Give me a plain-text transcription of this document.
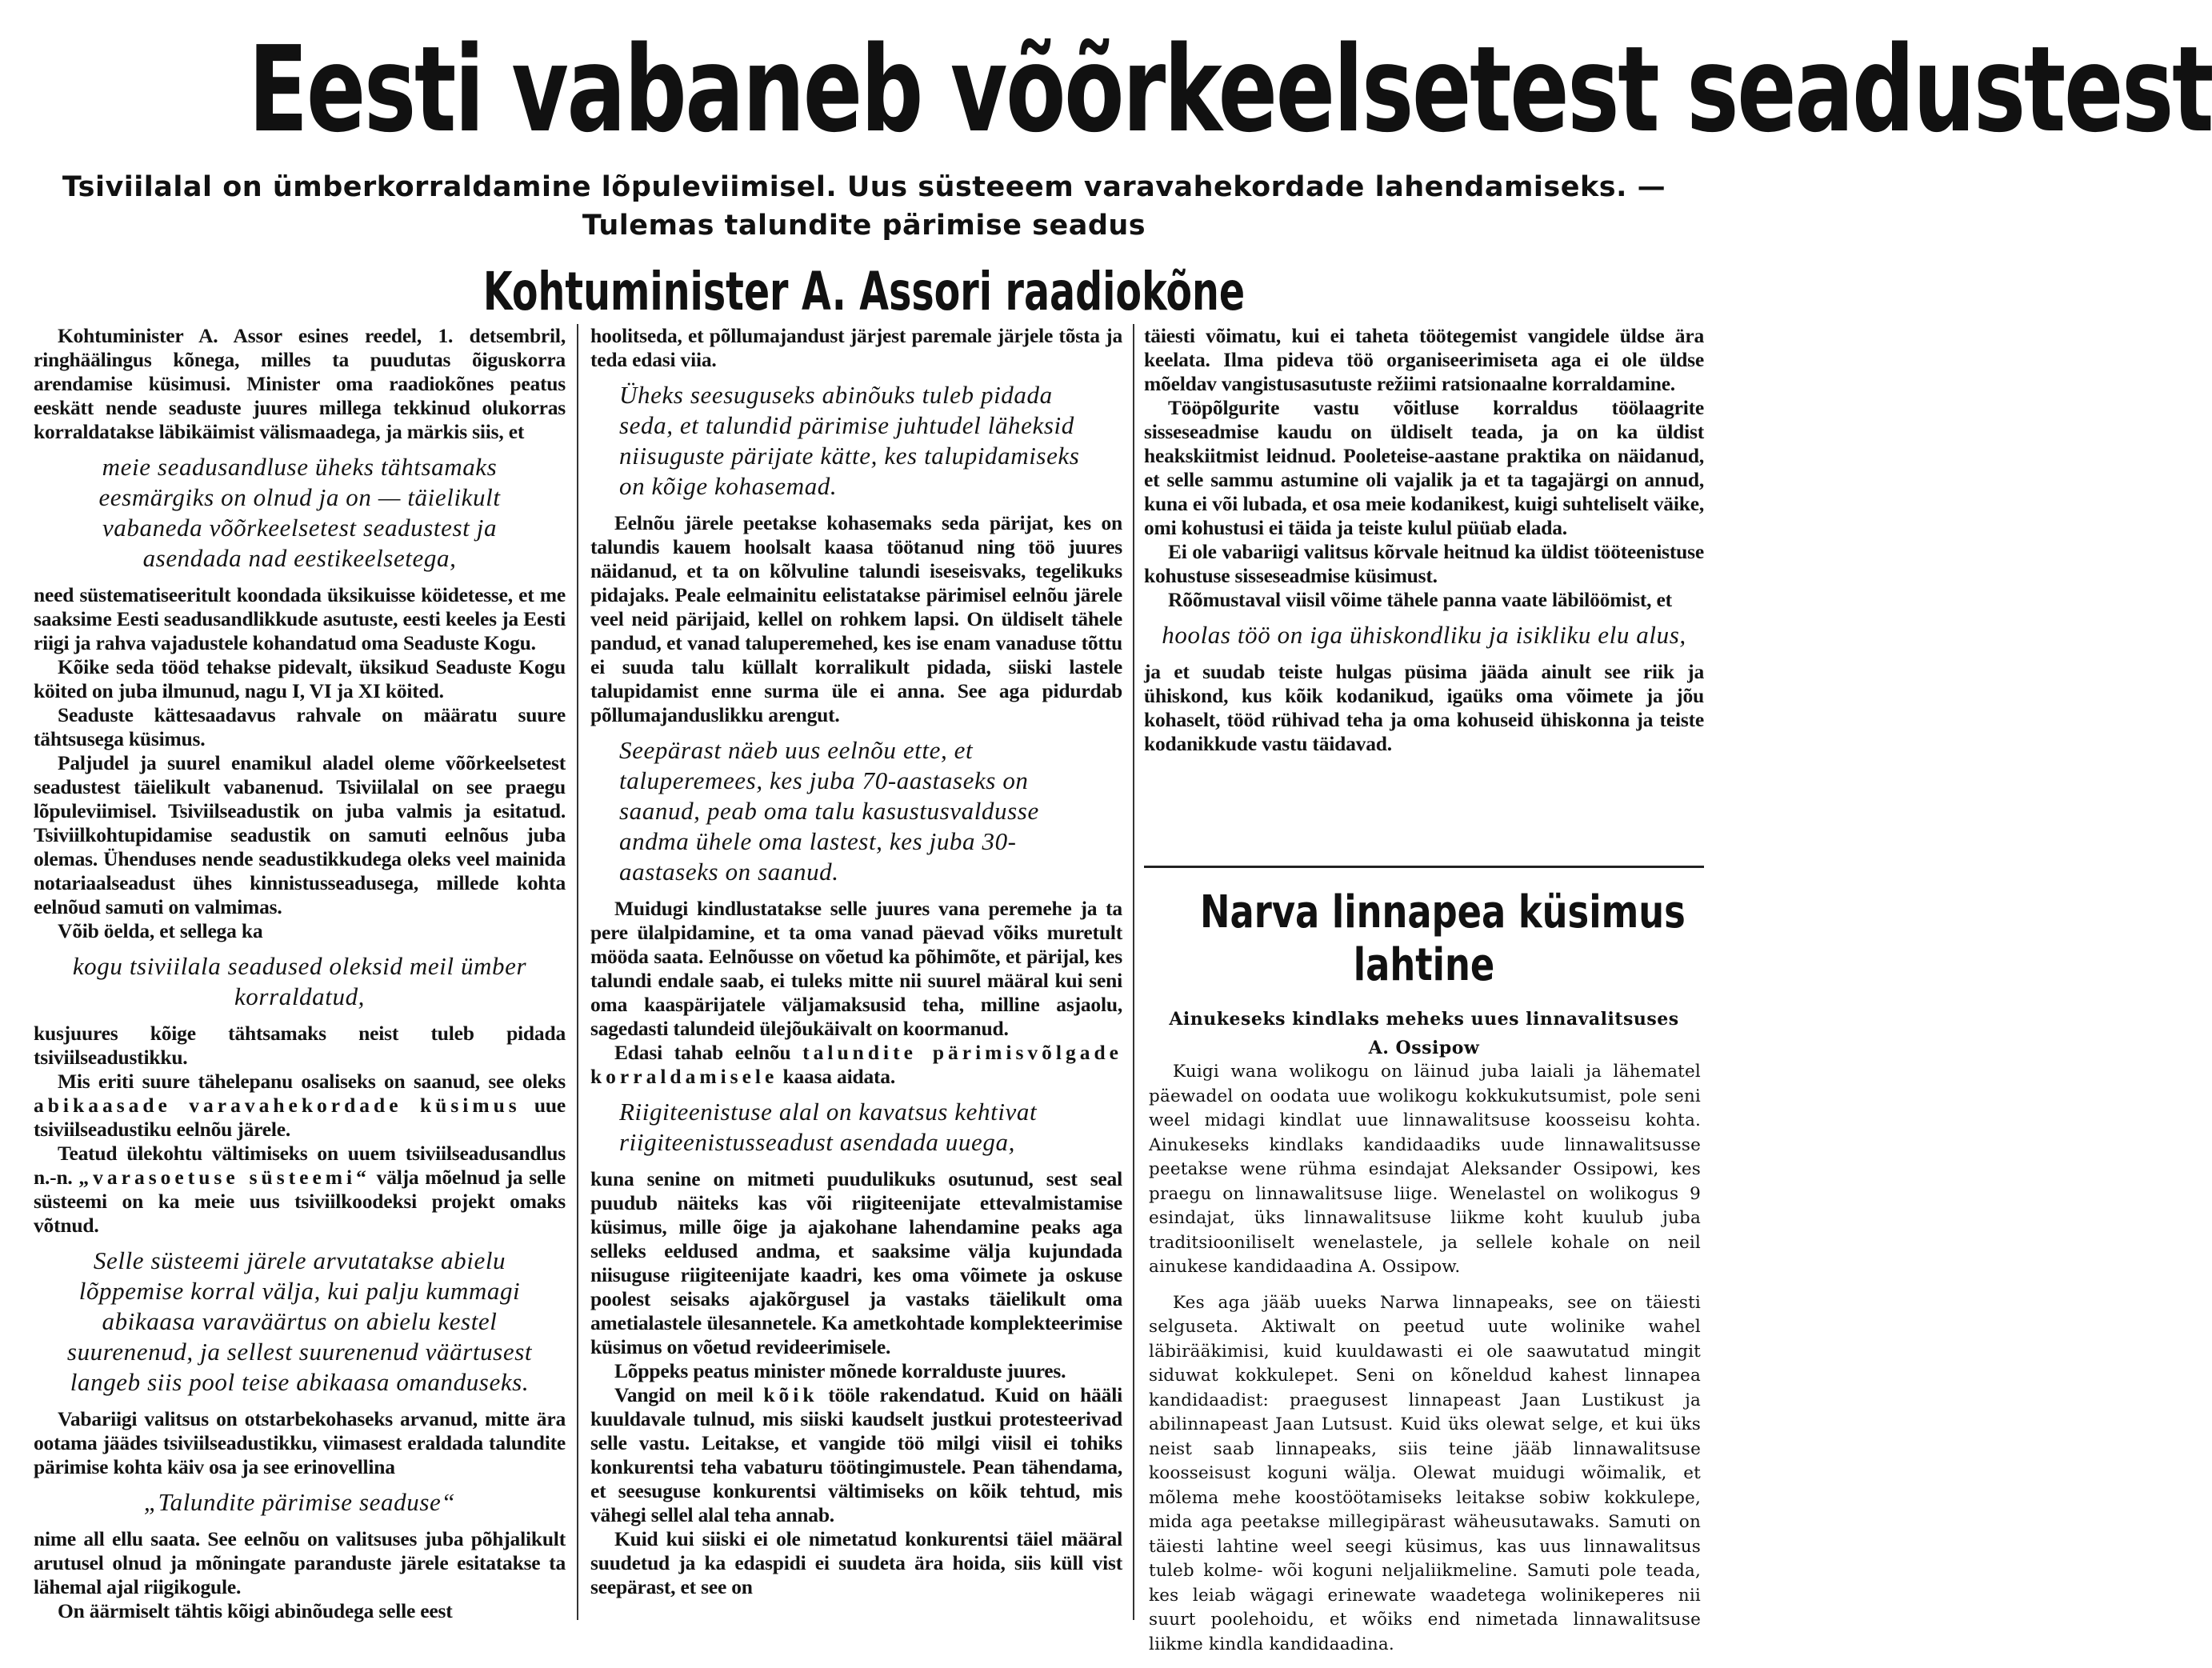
Eesti vabaneb võõrkeelsetest seadustest
Tsiviilalal on ümberkorraldamine lõpuleviimisel. Uus süsteeem varavahekordade lahendamiseks. —
Tulemas talundite pärimise seadus
Kohtuminister A. Assori raadiokõne

Kohtuminister A. Assor esines reedel, 1. detsembril, ringhäälingus kõnega, milles ta puudutas õiguskorra arendamise küsimusi. Minister oma raadiokõnes peatus eeskätt nende seaduste juures millega tekkinud olukorras korraldatakse läbikäimist välismaadega, ja märkis siis, et

meie seadusandluse üheks tähtsamaks eesmärgiks on olnud ja on — täielikult vabaneda võõrkeelsetest seadustest ja asendada nad eestikeelsetega,

need süstematiseeritult koondada üksikuisse köidetesse, et me saaksime Eesti seadusandlikkude asutuste, eesti keeles ja Eesti riigi ja rahva vajadustele kohandatud oma Seaduste Kogu.

Kõike seda tööd tehakse pidevalt, üksikud Seaduste Kogu köited on juba ilmunud, nagu I, VI ja XI köited.

Seaduste kättesaadavus rahvale on määratu suure tähtsusega küsimus.

Paljudel ja suurel enamikul aladel oleme võõrkeelsetest seadustest täielikult vabanenud. Tsiviilalal on see praegu lõpuleviimisel. Tsiviilseadustik on juba valmis ja esitatud. Tsiviilkohtupidamise seadustik on samuti eelnõus juba olemas. Ühenduses nende seadustikkudega oleks veel mainida notariaalseadust ühes kinnistusseadusega, millede kohta eelnõud samuti on valmimas.

Võib öelda, et sellega ka

kogu tsiviilala seadused oleksid meil ümber korraldatud,

kusjuures kõige tähtsamaks neist tuleb pidada tsiviilseadustikku.

Mis eriti suure tähelepanu osaliseks on saanud, see oleks abikaasade varavahekordade küsimus uue tsiviilseadustiku eelnõu järele.

Teatud ülekohtu vältimiseks on uuem tsiviilseadusandlus n.-n. „varasoetuse süsteemi“ välja mõelnud ja selle süsteemi on ka meie uus tsiviilkoodeksi projekt omaks võtnud.

Selle süsteemi järele arvutatakse abielu lõppemise korral välja, kui palju kummagi abikaasa varaväärtus on abielu kestel suurenenud, ja sellest suurenenud väärtusest langeb siis pool teise abikaasa omanduseks.

Vabariigi valitsus on otstarbekohaseks arvanud, mitte ära ootama jäädes tsiviilseadustikku, viimasest eraldada talundite pärimise kohta käiv osa ja see erinovellina

„Talundite pärimise seaduse“

nime all ellu saata. See eelnõu on valitsuses juba põhjalikult arutusel olnud ja mõningate paranduste järele esitatakse ta lähemal ajal riigikogule.

On äärmiselt tähtis kõigi abinõudega selle eest

hoolitseda, et põllumajandust järjest paremale järjele tõsta ja teda edasi viia.

Üheks seesuguseks abinõuks tuleb pidada seda, et talundid pärimise juhtudel läheksid niisuguste pärijate kätte, kes talupidamiseks on kõige kohasemad.

Eelnõu järele peetakse kohasemaks seda pärijat, kes on talundis kauem hoolsalt kaasa töötanud ning töö juures näidanud, et ta on kõlvuline talundi iseseisvaks, tegelikuks pidajaks. Peale eelmainitu eelistatakse pärimisel eelnõu järele veel neid pärijaid, kellel on rohkem lapsi. On üldiselt tähele pandud, et vanad taluperemehed, kes ise enam vanaduse tõttu ei suuda talu küllalt korralikult pidada, siiski lastele talupidamist enne surma üle ei anna. See aga pidurdab põllumajanduslikku arengut.

Seepärast näeb uus eelnõu ette, et taluperemees, kes juba 70-aastaseks on saanud, peab oma talu kasustusvaldusse andma ühele oma lastest, kes juba 30-aastaseks on saanud.

Muidugi kindlustatakse selle juures vana peremehe ja ta pere ülalpidamine, et ta oma vanad päevad võiks muretult mööda saata. Eelnõusse on võetud ka põhimõte, et pärijal, kes talundi endale saab, ei tuleks mitte nii suurel määral kui seni oma kaaspärijatele väljamaksusid teha, milline asjaolu, sagedasti talundeid ülejõukäivalt on koormanud.

Edasi tahab eelnõu talundite pärimisvõlgade korraldamisele kaasa aidata.

Riigiteenistuse alal on kavatsus kehtivat riigiteenistusseadust asendada uuega,

kuna senine on mitmeti puudulikuks osutunud, sest seal puudub näiteks kas või riigiteenijate ettevalmistamise küsimus, mille õige ja ajakohane lahendamine peaks aga selleks eeldused andma, et saaksime välja kujundada niisuguse riigiteenijate kaadri, kes oma võimete ja oskuse poolest seisaks ajakõrgusel ja vastaks täielikult oma ametialastele ülesannetele. Ka ametkohtade komplekteerimise küsimus on võetud revideerimisele.

Lõppeks peatus minister mõnede korralduste juures.

Vangid on meil kõik tööle rakendatud. Kuid on hääli kuuldavale tulnud, mis siiski kaudselt justkui protesteerivad selle vastu. Leitakse, et vangide töö milgi viisil ei tohiks konkurentsi teha vabaturu töötingimustele. Pean tähendama, et seesuguse konkurentsi vältimiseks on kõik tehtud, mis vähegi sellel alal teha annab.

Kuid kui siiski ei ole nimetatud konkurentsi täiel määral suudetud ja ka edaspidi ei suudeta ära hoida, siis küll vist seepärast, et see on

täiesti võimatu, kui ei taheta töötegemist vangidele üldse ära keelata. Ilma pideva töö organiseerimiseta aga ei ole üldse mõeldav vangistusasutuste režiimi ratsionaalne korraldamine.

Tööpõlgurite vastu võitluse korraldus töölaagrite sisseseadmise kaudu on üldiselt teada, ja on ka üldist heakskiitmist leidnud. Pooleteise-aastane praktika on näidanud, et selle sammu astumine oli vajalik ja et ta tagajärgi on annud, kuna ei või lubada, et osa meie kodanikest, kuigi suhteliselt väike, omi kohustusi ei täida ja teiste kulul püüab elada.

Ei ole vabariigi valitsus kõrvale heitnud ka üldist tööteenistuse kohustuse sisseseadmise küsimust.

Rõõmustaval viisil võime tähele panna vaate läbilöömist, et

hoolas töö on iga ühiskondliku ja isikliku elu alus,

ja et suudab teiste hulgas püsima jääda ainult see riik ja ühiskond, kus kõik kodanikud, igaüks oma võimete ja jõu kohaselt, tööd rühivad teha ja oma kohuseid ühiskonna ja teiste kodanikkude vastu täidavad.

Narva linnapea küsimus
lahtine
Ainukeseks kindlaks meheks uues linnavalitsuses
A. Ossipow

Kuigi wana wolikogu on läinud juba laiali ja lähematel päewadel on oodata uue wolikogu kokkukutsumist, pole seni weel midagi kindlat uue linnawalitsuse koosseisu kohta. Ainukeseks kindlaks kandidaadiks uude linnawalitsusse peetakse wene rühma esindajat Aleksander Ossipowi, kes praegu on linnawalitsuse liige. Wenelastel on wolikogus 9 esindajat, üks linnawalitsuse liikme koht kuulub juba traditsiooniliselt wenelastele, ja sellele kohale on neil ainukese kandidaadina A. Ossipow.

Kes aga jääb uueks Narwa linnapeaks, see on täiesti selguseta. Aktiwalt on peetud uute wolinike wahel läbirääkimisi, kuid kuuldawasti ei ole saawutatud mingit siduwat kokkulepet. Seni on kõneldud kahest linnapea kandidaadist: praegusest linnapeast Jaan Lustikust ja abilinnapeast Jaan Lutsust. Kuid üks olewat selge, et kui üks neist saab linnapeaks, siis teine jääb linnawalitsuse koosseisust koguni wälja. Olewat muidugi wõimalik, et mõlema mehe koostöötamiseks leitakse sobiw kokkulepe, mida aga peetakse millegipärast wäheusutawaks. Samuti on täiesti lahtine weel seegi küsimus, kas uus linnawalitsus tuleb kolme- wõi koguni neljaliikmeline. Samuti pole teada, kes leiab wägagi erinewate waadetega wolinikeperes nii suurt poolehoidu, et wõiks end nimetada linnawalitsuse liikme kindla kandidaadina.
